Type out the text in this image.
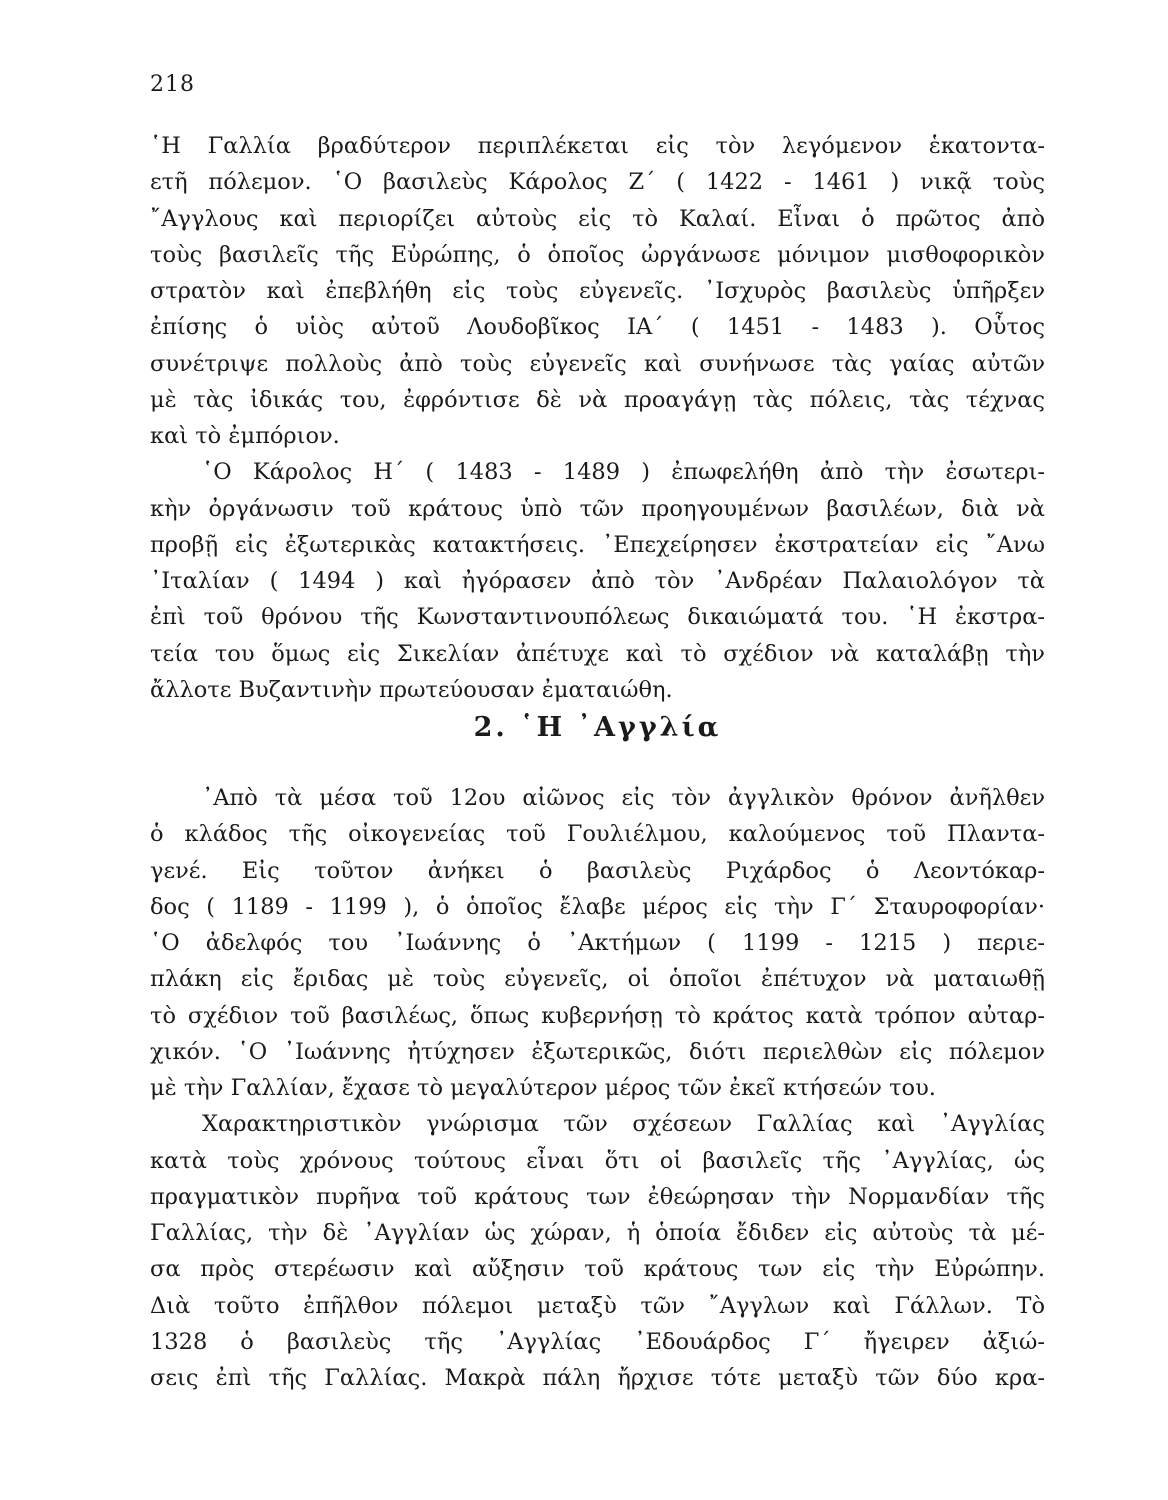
218
῾Η Γαλλία βραδύτερον περιπλέκεται εἰς τὸν λεγόμενον ἑκατοντα-
ετῆ πόλεμον. ῾Ο βασιλεὺς Κάρολος Ζ΄ ( 1422 - 1461 ) νικᾷ τοὺς
῎Αγγλους καὶ περιορίζει αὐτοὺς εἰς τὸ Καλαί. Εἶναι ὁ πρῶτος ἀπὸ
τοὺς βασιλεῖς τῆς Εὐρώπης, ὁ ὁποῖος ὠργάνωσε μόνιμον μισθοφορικὸν
στρατὸν καὶ ἐπεβλήθη εἰς τοὺς εὐγενεῖς. ᾿Ισχυρὸς βασιλεὺς ὑπῆρξεν
ἐπίσης ὁ υἱὸς αὐτοῦ Λουδοβῖκος ΙΑ΄ ( 1451 - 1483 ). Οὗτος
συνέτριψε πολλοὺς ἀπὸ τοὺς εὐγενεῖς καὶ συνήνωσε τὰς γαίας αὐτῶν
μὲ τὰς ἰδικάς του, ἐφρόντισε δὲ νὰ προαγάγῃ τὰς πόλεις, τὰς τέχνας
καὶ τὸ ἐμπόριον.
῾Ο Κάρολος Η΄ ( 1483 - 1489 ) ἐπωφελήθη ἀπὸ τὴν ἐσωτερι-
κὴν ὀργάνωσιν τοῦ κράτους ὑπὸ τῶν προηγουμένων βασιλέων, διὰ νὰ
προβῇ εἰς ἐξωτερικὰς κατακτήσεις. ᾿Επεχείρησεν ἐκστρατείαν εἰς ῎Ανω
᾿Ιταλίαν ( 1494 ) καὶ ἠγόρασεν ἀπὸ τὸν ᾿Ανδρέαν Παλαιολόγον τὰ
ἐπὶ τοῦ θρόνου τῆς Κωνσταντινουπόλεως δικαιώματά του. ῾Η ἐκστρα-
τεία του ὅμως εἰς Σικελίαν ἀπέτυχε καὶ τὸ σχέδιον νὰ καταλάβῃ τὴν
ἄλλοτε Βυζαντινὴν πρωτεύουσαν ἐματαιώθη.
2. ῾Η ᾿Αγγλία
᾿Απὸ τὰ μέσα τοῦ 12ου αἰῶνος εἰς τὸν ἀγγλικὸν θρόνον ἀνῆλθεν
ὁ κλάδος τῆς οἰκογενείας τοῦ Γουλιέλμου, καλούμενος τοῦ Πλαντα-
γενέ. Εἰς τοῦτον ἀνήκει ὁ βασιλεὺς Ριχάρδος ὁ Λεοντόκαρ-
δος ( 1189 - 1199 ), ὁ ὁποῖος ἔλαβε μέρος εἰς τὴν Γ΄ Σταυροφορίαν·
῾Ο ἀδελφός του ᾿Ιωάννης ὁ ᾿Ακτήμων ( 1199 - 1215 ) περιε-
πλάκη εἰς ἔριδας μὲ τοὺς εὐγενεῖς, οἱ ὁποῖοι ἐπέτυχον νὰ ματαιωθῇ
τὸ σχέδιον τοῦ βασιλέως, ὅπως κυβερνήσῃ τὸ κράτος κατὰ τρόπον αὐταρ-
χικόν. ῾Ο ᾿Ιωάννης ἠτύχησεν ἐξωτερικῶς, διότι περιελθὼν εἰς πόλεμον
μὲ τὴν Γαλλίαν, ἔχασε τὸ μεγαλύτερον μέρος τῶν ἐκεῖ κτήσεών του.
Χαρακτηριστικὸν γνώρισμα τῶν σχέσεων Γαλλίας καὶ ᾿Αγγλίας
κατὰ τοὺς χρόνους τούτους εἶναι ὅτι οἱ βασιλεῖς τῆς ᾿Αγγλίας, ὡς
πραγματικὸν πυρῆνα τοῦ κράτους των ἐθεώρησαν τὴν Νορμανδίαν τῆς
Γαλλίας, τὴν δὲ ᾿Αγγλίαν ὡς χώραν, ἡ ὁποία ἔδιδεν εἰς αὐτοὺς τὰ μέ-
σα πρὸς στερέωσιν καὶ αὔξησιν τοῦ κράτους των εἰς τὴν Εὐρώπην.
Διὰ τοῦτο ἐπῆλθον πόλεμοι μεταξὺ τῶν ῎Αγγλων καὶ Γάλλων. Τὸ
1328 ὁ βασιλεὺς τῆς ᾿Αγγλίας ᾿Εδουάρδος Γ΄ ἤγειρεν ἀξιώ-
σεις ἐπὶ τῆς Γαλλίας. Μακρὰ πάλη ἤρχισε τότε μεταξὺ τῶν δύο κρα-
